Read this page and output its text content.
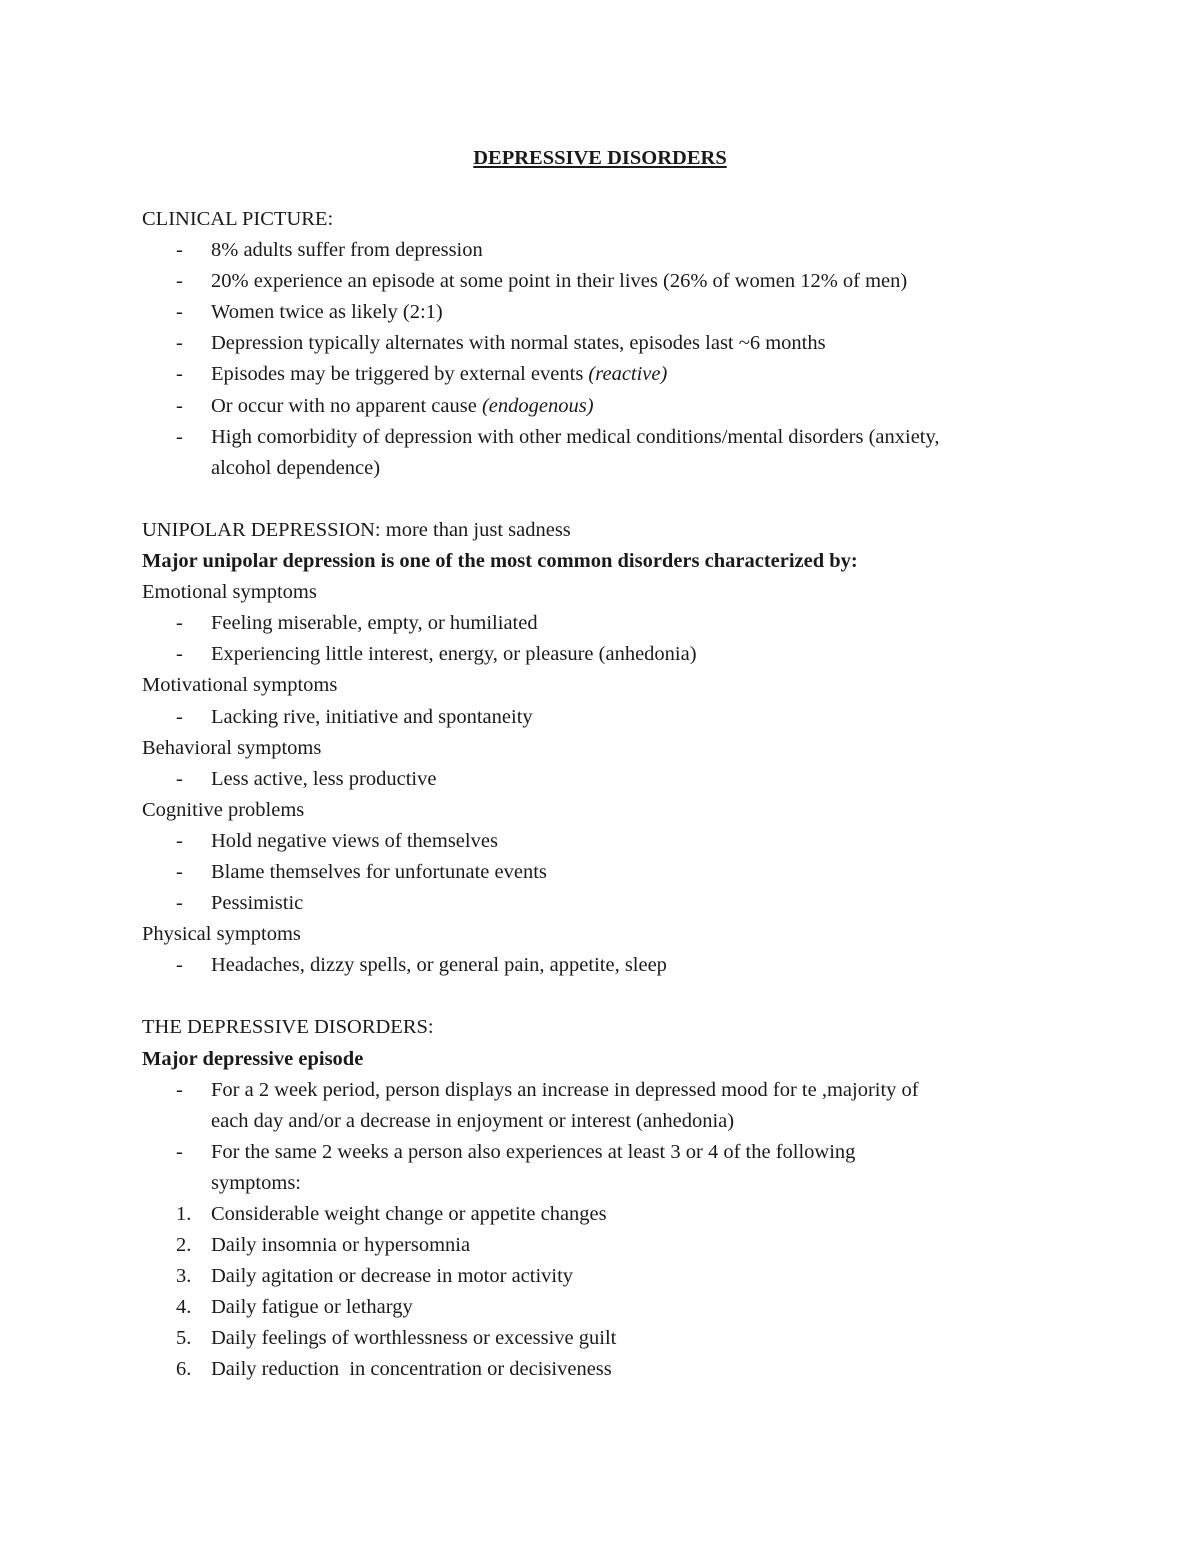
DEPRESSIVE DISORDERS
CLINICAL PICTURE:
- 8% adults suffer from depression
- 20% experience an episode at some point in their lives (26% of women 12% of men)
- Women twice as likely (2:1)
- Depression typically alternates with normal states, episodes last ~6 months
- Episodes may be triggered by external events (reactive)
- Or occur with no apparent cause (endogenous)
- High comorbidity of depression with other medical conditions/mental disorders (anxiety,
alcohol dependence)
UNIPOLAR DEPRESSION: more than just sadness
Major unipolar depression is one of the most common disorders characterized by:
Emotional symptoms
- Feeling miserable, empty, or humiliated
- Experiencing little interest, energy, or pleasure (anhedonia)
Motivational symptoms
- Lacking rive, initiative and spontaneity
Behavioral symptoms
- Less active, less productive
Cognitive problems
- Hold negative views of themselves
- Blame themselves for unfortunate events
- Pessimistic
Physical symptoms
- Headaches, dizzy spells, or general pain, appetite, sleep
THE DEPRESSIVE DISORDERS:
Major depressive episode
- For a 2 week period, person displays an increase in depressed mood for te ,majority of
each day and/or a decrease in enjoyment or interest (anhedonia)
- For the same 2 weeks a person also experiences at least 3 or 4 of the following
symptoms:
1. Considerable weight change or appetite changes
2. Daily insomnia or hypersomnia
3. Daily agitation or decrease in motor activity
4. Daily fatigue or lethargy
5. Daily feelings of worthlessness or excessive guilt
6. Daily reduction  in concentration or decisiveness
